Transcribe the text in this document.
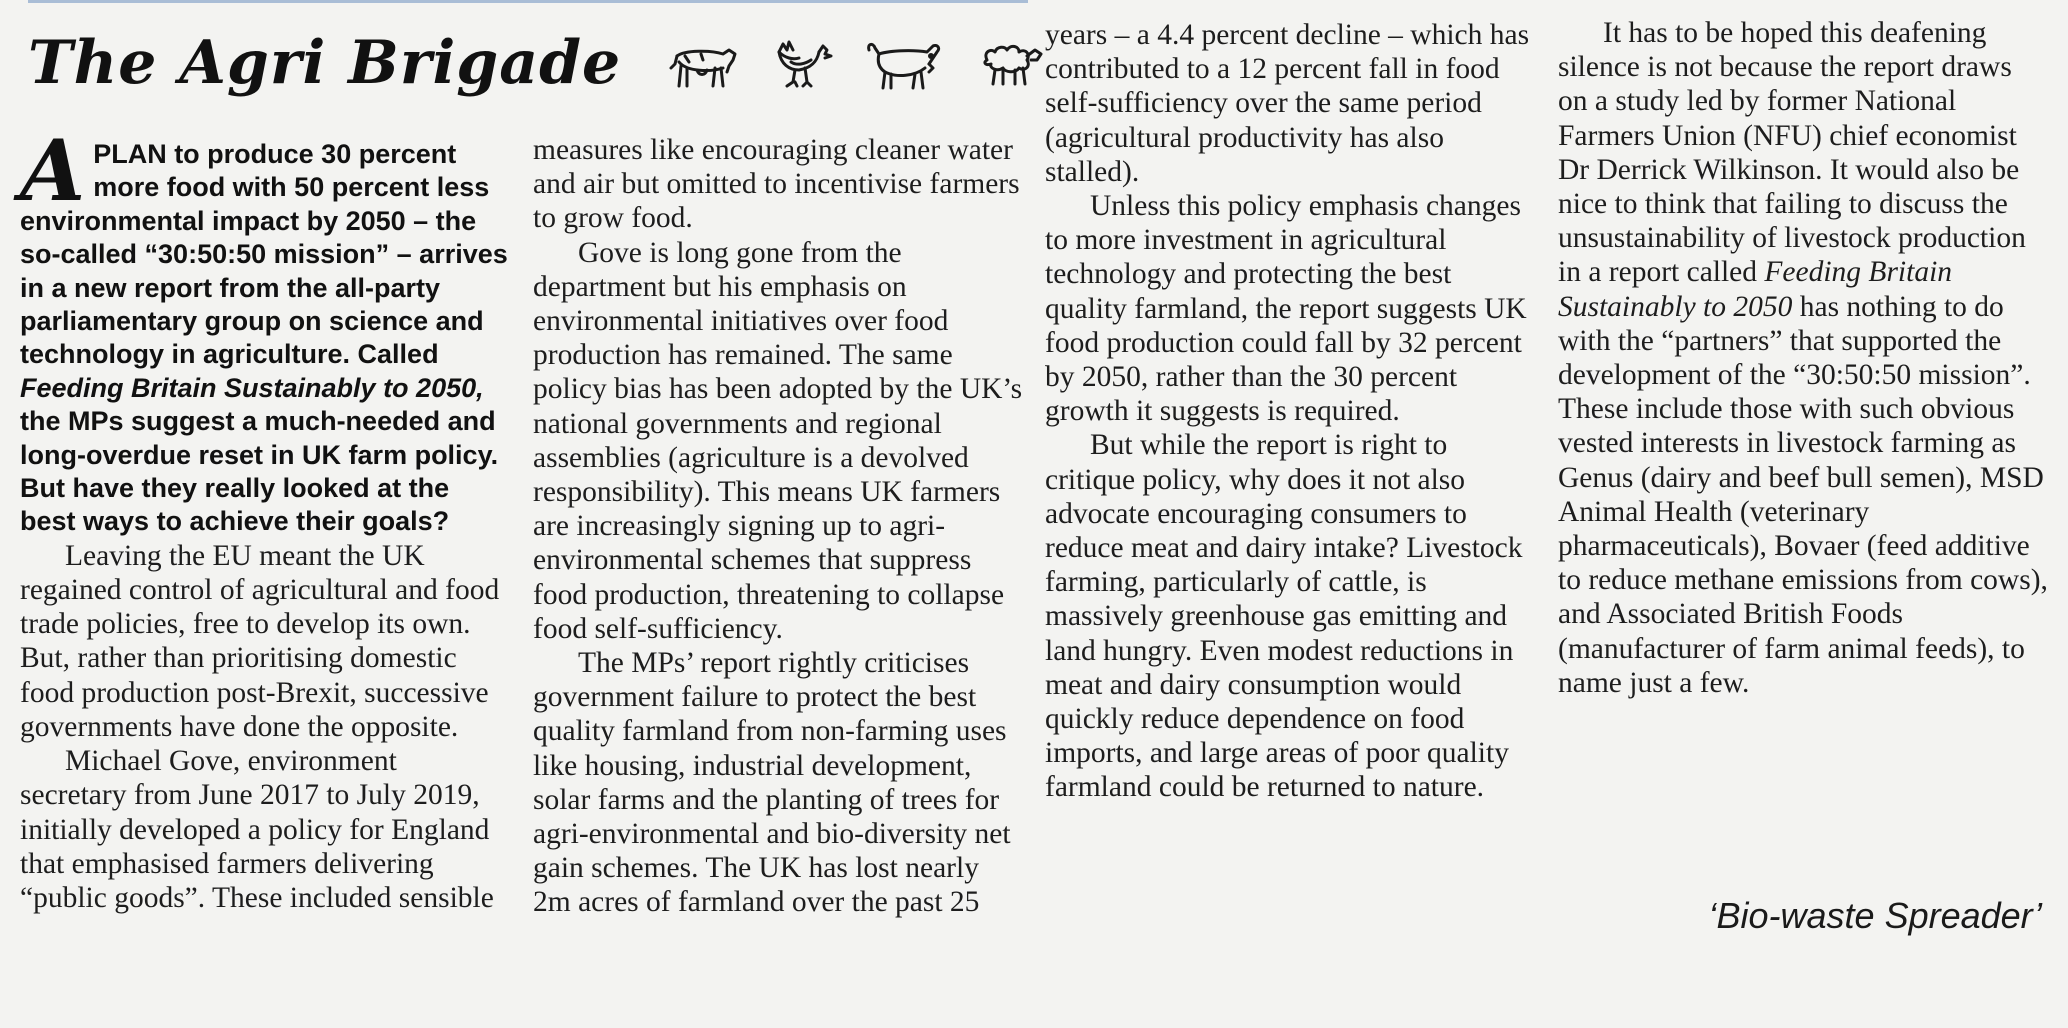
The Agri Brigade

APLAN to produce 30 percent more food with 50 percent less environmental impact by 2050 – the so-called “30:50:50 mission” – arrives in a new report from the all-party parliamentary group on science and technology in agriculture. Called Feeding Britain Sustainably to 2050, the MPs suggest a much-needed and long-overdue reset in UK farm policy. But have they really looked at the best ways to achieve their goals?

Leaving the EU meant the UK regained control of agricultural and food trade policies, free to develop its own. But, rather than prioritising domestic food production post-Brexit, successive governments have done the opposite.

Michael Gove, environment secretary from June 2017 to July 2019, initially developed a policy for England that emphasised farmers delivering “public goods”. These included sensible

measures like encouraging cleaner water and air but omitted to incentivise farmers to grow food.

Gove is long gone from the department but his emphasis on environmental initiatives over food production has remained. The same policy bias has been adopted by the UK’s national governments and regional assemblies (agriculture is a devolved responsibility). This means UK farmers are increasingly signing up to agri-environmental schemes that suppress food production, threatening to collapse food self-sufficiency.

The MPs’ report rightly criticises government failure to protect the best quality farmland from non-farming uses like housing, industrial development, solar farms and the planting of trees for agri-environmental and bio-diversity net gain schemes. The UK has lost nearly 2m acres of farmland over the past 25

years – a 4.4 percent decline – which has contributed to a 12 percent fall in food self-sufficiency over the same period (agricultural productivity has also stalled).

Unless this policy emphasis changes to more investment in agricultural technology and protecting the best quality farmland, the report suggests UK food production could fall by 32 percent by 2050, rather than the 30 percent growth it suggests is required.

But while the report is right to critique policy, why does it not also advocate encouraging consumers to reduce meat and dairy intake? Livestock farming, particularly of cattle, is massively greenhouse gas emitting and land hungry. Even modest reductions in meat and dairy consumption would quickly reduce dependence on food imports, and large areas of poor quality farmland could be returned to nature.

It has to be hoped this deafening silence is not because the report draws on a study led by former National Farmers Union (NFU) chief economist Dr Derrick Wilkinson. It would also be nice to think that failing to discuss the unsustainability of livestock production in a report called Feeding Britain Sustainably to 2050 has nothing to do with the “partners” that supported the development of the “30:50:50 mission”. These include those with such obvious vested interests in livestock farming as Genus (dairy and beef bull semen), MSD Animal Health (veterinary pharmaceuticals), Bovaer (feed additive to reduce methane emissions from cows), and Associated British Foods (manufacturer of farm animal feeds), to name just a few.

‘Bio-waste Spreader’
